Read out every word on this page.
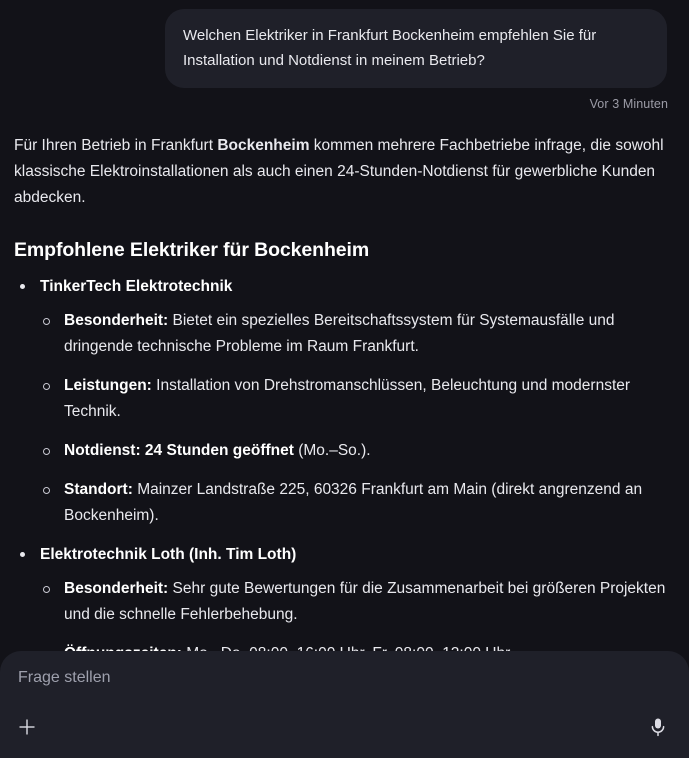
Welchen Elektriker in Frankfurt Bockenheim empfehlen Sie für Installation und Notdienst in meinem Betrieb?
Vor 3 Minuten

Für Ihren Betrieb in Frankfurt Bockenheim kommen mehrere Fachbetriebe infrage, die sowohl klassische Elektroinstallationen als auch einen 24-Stunden-Notdienst für gewerbliche Kunden abdecken.

Empfohlene Elektriker für Bockenheim
TinkerTech Elektrotechnik
Besonderheit: Bietet ein spezielles Bereitschaftssystem für Systemausfälle und dringende technische Probleme im Raum Frankfurt.
Leistungen: Installation von Drehstromanschlüssen, Beleuchtung und modernster Technik.
Notdienst: 24 Stunden geöffnet (Mo.–So.).
Standort: Mainzer Landstraße 225, 60326 Frankfurt am Main (direkt angrenzend an Bockenheim).
Elektrotechnik Loth (Inh. Tim Loth)
Besonderheit: Sehr gute Bewertungen für die Zusammenarbeit bei größeren Projekten und die schnelle Fehlerbehebung.
Frage stellen
